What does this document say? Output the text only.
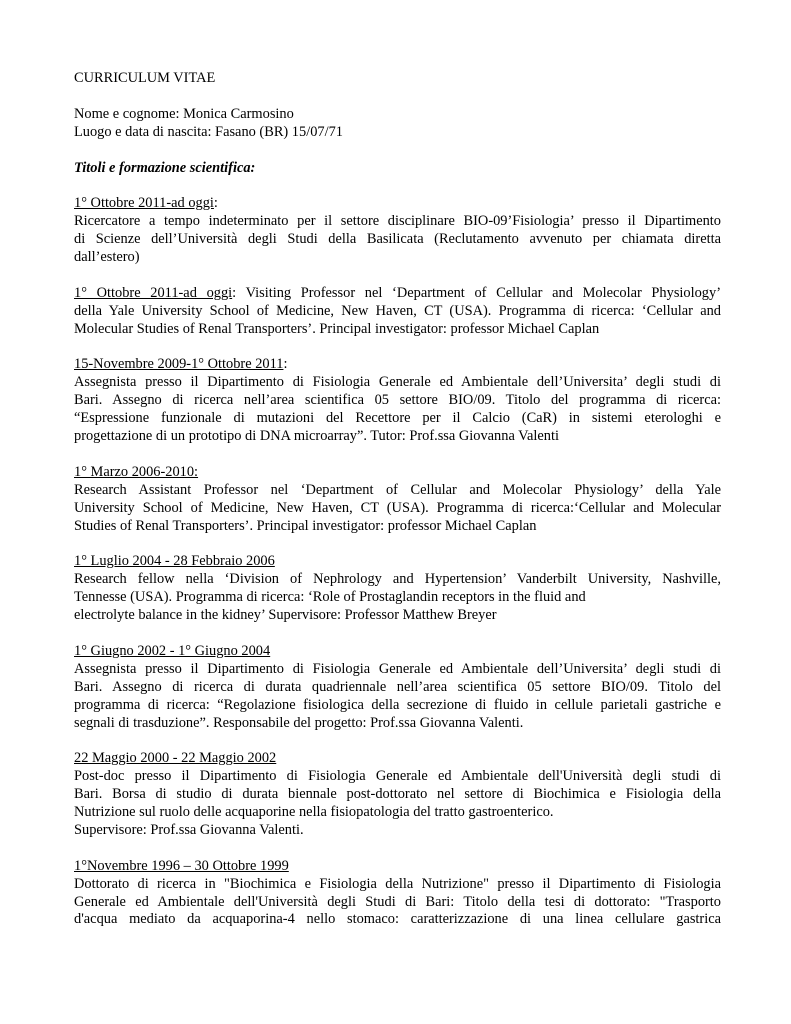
CURRICULUM VITAE
Nome e cognome: Monica Carmosino
Luogo e data di nascita: Fasano (BR) 15/07/71
Titoli e formazione scientifica:
1° Ottobre 2011-ad oggi:
Ricercatore a tempo indeterminato per il settore disciplinare BIO-09’Fisiologia’ presso il Dipartimento
di Scienze dell’Università degli Studi della Basilicata (Reclutamento avvenuto per chiamata diretta
dall’estero)
1° Ottobre 2011-ad oggi: Visiting Professor nel ‘Department of Cellular and Molecolar Physiology’
della Yale University School of Medicine, New Haven, CT (USA). Programma di ricerca: ‘Cellular and
Molecular Studies of Renal Transporters’. Principal investigator: professor Michael Caplan
15-Novembre 2009-1° Ottobre 2011:
Assegnista presso il Dipartimento di Fisiologia Generale ed Ambientale dell’Universita’ degli studi di
Bari. Assegno di ricerca nell’area scientifica 05 settore BIO/09. Titolo del programma di ricerca:
“Espressione funzionale di mutazioni del Recettore per il Calcio (CaR) in sistemi eterologhi e
progettazione di un prototipo di DNA microarray”. Tutor: Prof.ssa Giovanna Valenti
1° Marzo 2006-2010:
Research Assistant Professor nel ‘Department of Cellular and Molecolar Physiology’ della Yale
University School of Medicine, New Haven, CT (USA). Programma di ricerca:‘Cellular and Molecular
Studies of Renal Transporters’. Principal investigator: professor Michael Caplan
1° Luglio 2004 - 28 Febbraio 2006
Research fellow nella ‘Division of Nephrology and Hypertension’ Vanderbilt University, Nashville,
Tennesse (USA). Programma di ricerca: ‘Role of Prostaglandin receptors in the fluid and
electrolyte balance in the kidney’ Supervisore: Professor Matthew Breyer
1° Giugno 2002 - 1° Giugno 2004
Assegnista presso il Dipartimento di Fisiologia Generale ed Ambientale dell’Universita’ degli studi di
Bari. Assegno di ricerca di durata quadriennale nell’area scientifica 05 settore BIO/09. Titolo del
programma di ricerca: “Regolazione fisiologica della secrezione di fluido in cellule parietali gastriche e
segnali di trasduzione”. Responsabile del progetto: Prof.ssa Giovanna Valenti.
22 Maggio 2000 - 22 Maggio 2002
Post-doc presso il Dipartimento di Fisiologia Generale ed Ambientale dell'Università degli studi di
Bari. Borsa di studio di durata biennale post-dottorato nel settore di Biochimica e Fisiologia della
Nutrizione sul ruolo delle acquaporine nella fisiopatologia del tratto gastroenterico.
Supervisore: Prof.ssa Giovanna Valenti.
1°Novembre 1996 – 30 Ottobre 1999
Dottorato di ricerca in "Biochimica e Fisiologia della Nutrizione" presso il Dipartimento di Fisiologia
Generale ed Ambientale dell'Università degli Studi di Bari: Titolo della tesi di dottorato: "Trasporto
d'acqua mediato da acquaporina-4 nello stomaco: caratterizzazione di una linea cellulare gastrica
